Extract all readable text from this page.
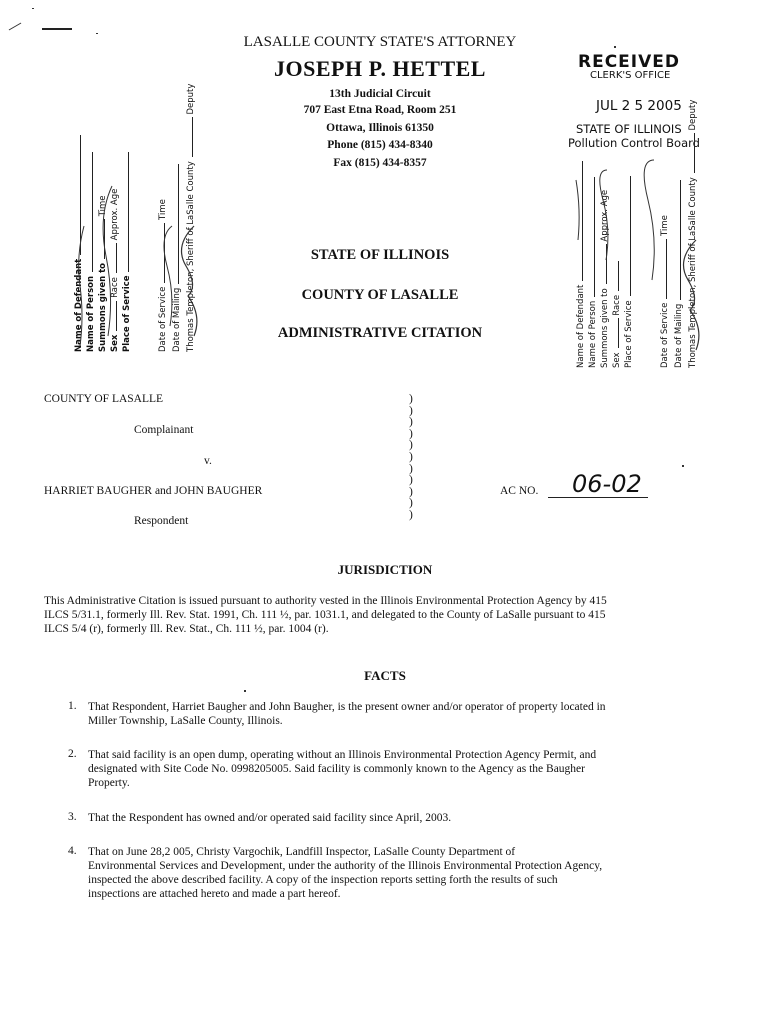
LASALLE COUNTY STATE'S ATTORNEY
JOSEPH P. HETTEL
13th Judicial Circuit
707 East Etna Road, Room 251
Ottawa, Illinois 61350
Phone (815) 434-8340
Fax (815) 434-8357
RECEIVED
CLERK'S OFFICE
JUL 2 5 2005
STATE OF ILLINOIS
Pollution Control Board
Name of Defendant Name of Person Summons given to Time
Sex Race Approx. Age
Place of Service	Date of Service Time
Date of Mailing Thomas Templeton, Sheriff of LaSalle County Deputy
Name of Defendant Name of Person Summons given to Approx. Age
Sex Race Place of Service	Date of Service Time
Date of Mailing Thomas Templeton, Sheriff of LaSalle County Deputy
STATE OF ILLINOIS
COUNTY OF LASALLE
ADMINISTRATIVE CITATION
COUNTY OF LASALLE
Complainant
v.
HARRIET BAUGHER and JOHN BAUGHER
Respondent
)
)
)
)
)
)
)
)
)
)
)
AC NO. 06-02
JURISDICTION
This Administrative Citation is issued pursuant to authority vested in the Illinois Environmental Protection Agency by 415
ILCS 5/31.1, formerly Ill. Rev. Stat. 1991, Ch. 111 ½, par. 1031.1, and delegated to the County of LaSalle pursuant to 415
ILCS 5/4 (r), formerly Ill. Rev. Stat., Ch. 111 ½, par. 1004 (r).
FACTS
1. That Respondent, Harriet Baugher and John Baugher, is the present owner and/or operator of property located in
Miller Township, LaSalle County, Illinois.
2. That said facility is an open dump, operating without an Illinois Environmental Protection Agency Permit, and
designated with Site Code No. 0998205005. Said facility is commonly known to the Agency as the Baugher
Property.
3. That the Respondent has owned and/or operated said facility since April, 2003.
4. That on June 28,2 005, Christy Vargochik, Landfill Inspector, LaSalle County Department of
Environmental Services and Development, under the authority of the Illinois Environmental Protection Agency,
inspected the above described facility. A copy of the inspection reports setting forth the results of such
inspections are attached hereto and made a part hereof.
